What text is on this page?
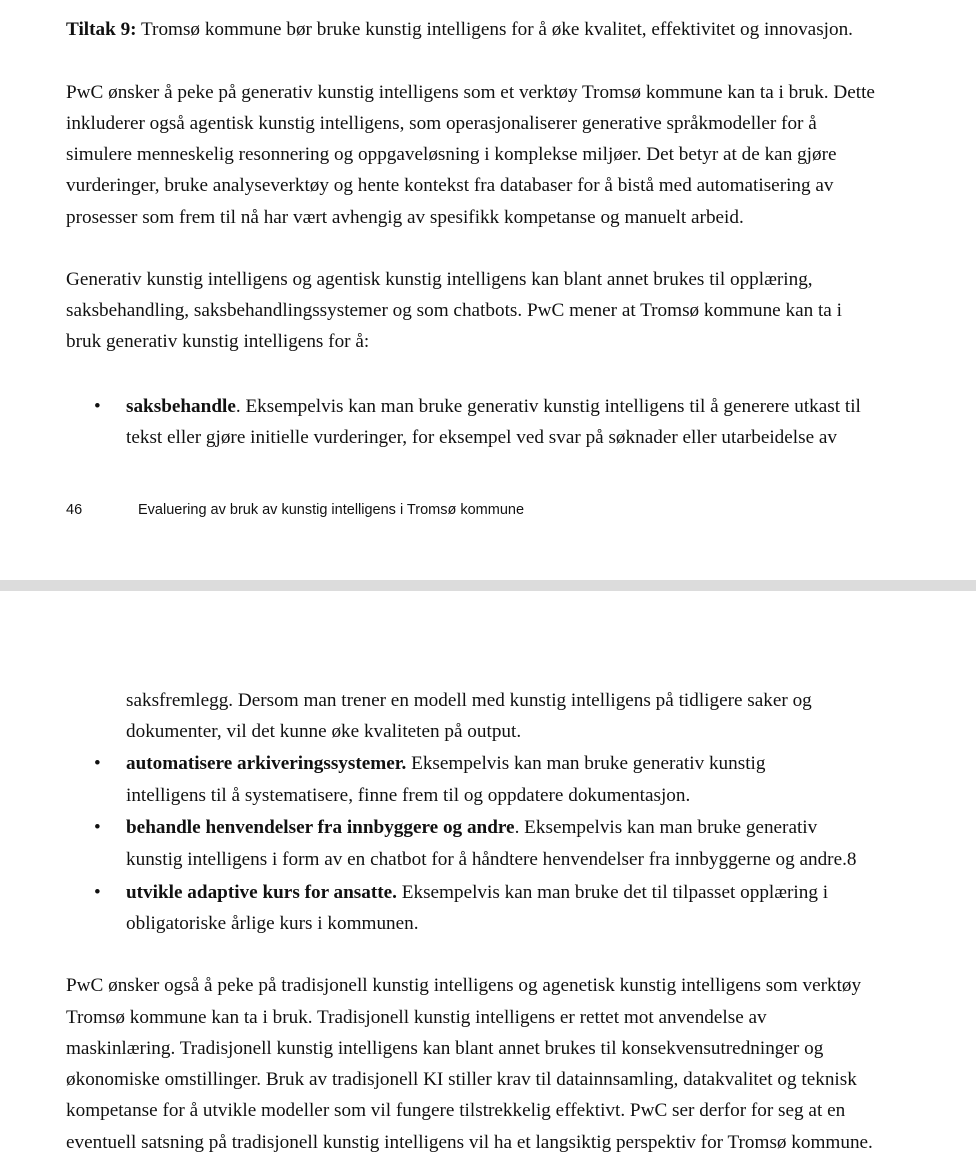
Tiltak 9: Tromsø kommune bør bruke kunstig intelligens for å øke kvalitet, effektivitet og innovasjon.

PwC ønsker å peke på generativ kunstig intelligens som et verktøy Tromsø kommune kan ta i bruk. Dette

inkluderer også agentisk kunstig intelligens, som operasjonaliserer generative språkmodeller for å

simulere menneskelig resonnering og oppgaveløsning i komplekse miljøer. Det betyr at de kan gjøre

vurderinger, bruke analyseverktøy og hente kontekst fra databaser for å bistå med automatisering av

prosesser som frem til nå har vært avhengig av spesifikk kompetanse og manuelt arbeid.

Generativ kunstig intelligens og agentisk kunstig intelligens kan blant annet brukes til opplæring,

saksbehandling, saksbehandlingssystemer og som chatbots. PwC mener at Tromsø kommune kan ta i

bruk generativ kunstig intelligens for å:

• saksbehandle. Eksempelvis kan man bruke generativ kunstig intelligens til å generere utkast til

tekst eller gjøre initielle vurderinger, for eksempel ved svar på søknader eller utarbeidelse av

46	Evaluering av bruk av kunstig intelligens i Tromsø kommune

saksfremlegg. Dersom man trener en modell med kunstig intelligens på tidligere saker og

dokumenter, vil det kunne øke kvaliteten på output.

• automatisere arkiveringssystemer. Eksempelvis kan man bruke generativ kunstig

intelligens til å systematisere, finne frem til og oppdatere dokumentasjon.

• behandle henvendelser fra innbyggere og andre. Eksempelvis kan man bruke generativ

kunstig intelligens i form av en chatbot for å håndtere henvendelser fra innbyggerne og andre.8

• utvikle adaptive kurs for ansatte. Eksempelvis kan man bruke det til tilpasset opplæring i

obligatoriske årlige kurs i kommunen.

PwC ønsker også å peke på tradisjonell kunstig intelligens og agenetisk kunstig intelligens som verktøy

Tromsø kommune kan ta i bruk. Tradisjonell kunstig intelligens er rettet mot anvendelse av

maskinlæring. Tradisjonell kunstig intelligens kan blant annet brukes til konsekvensutredninger og

økonomiske omstillinger. Bruk av tradisjonell KI stiller krav til datainnsamling, datakvalitet og teknisk

kompetanse for å utvikle modeller som vil fungere tilstrekkelig effektivt. PwC ser derfor for seg at en

eventuell satsning på tradisjonell kunstig intelligens vil ha et langsiktig perspektiv for Tromsø kommune.
